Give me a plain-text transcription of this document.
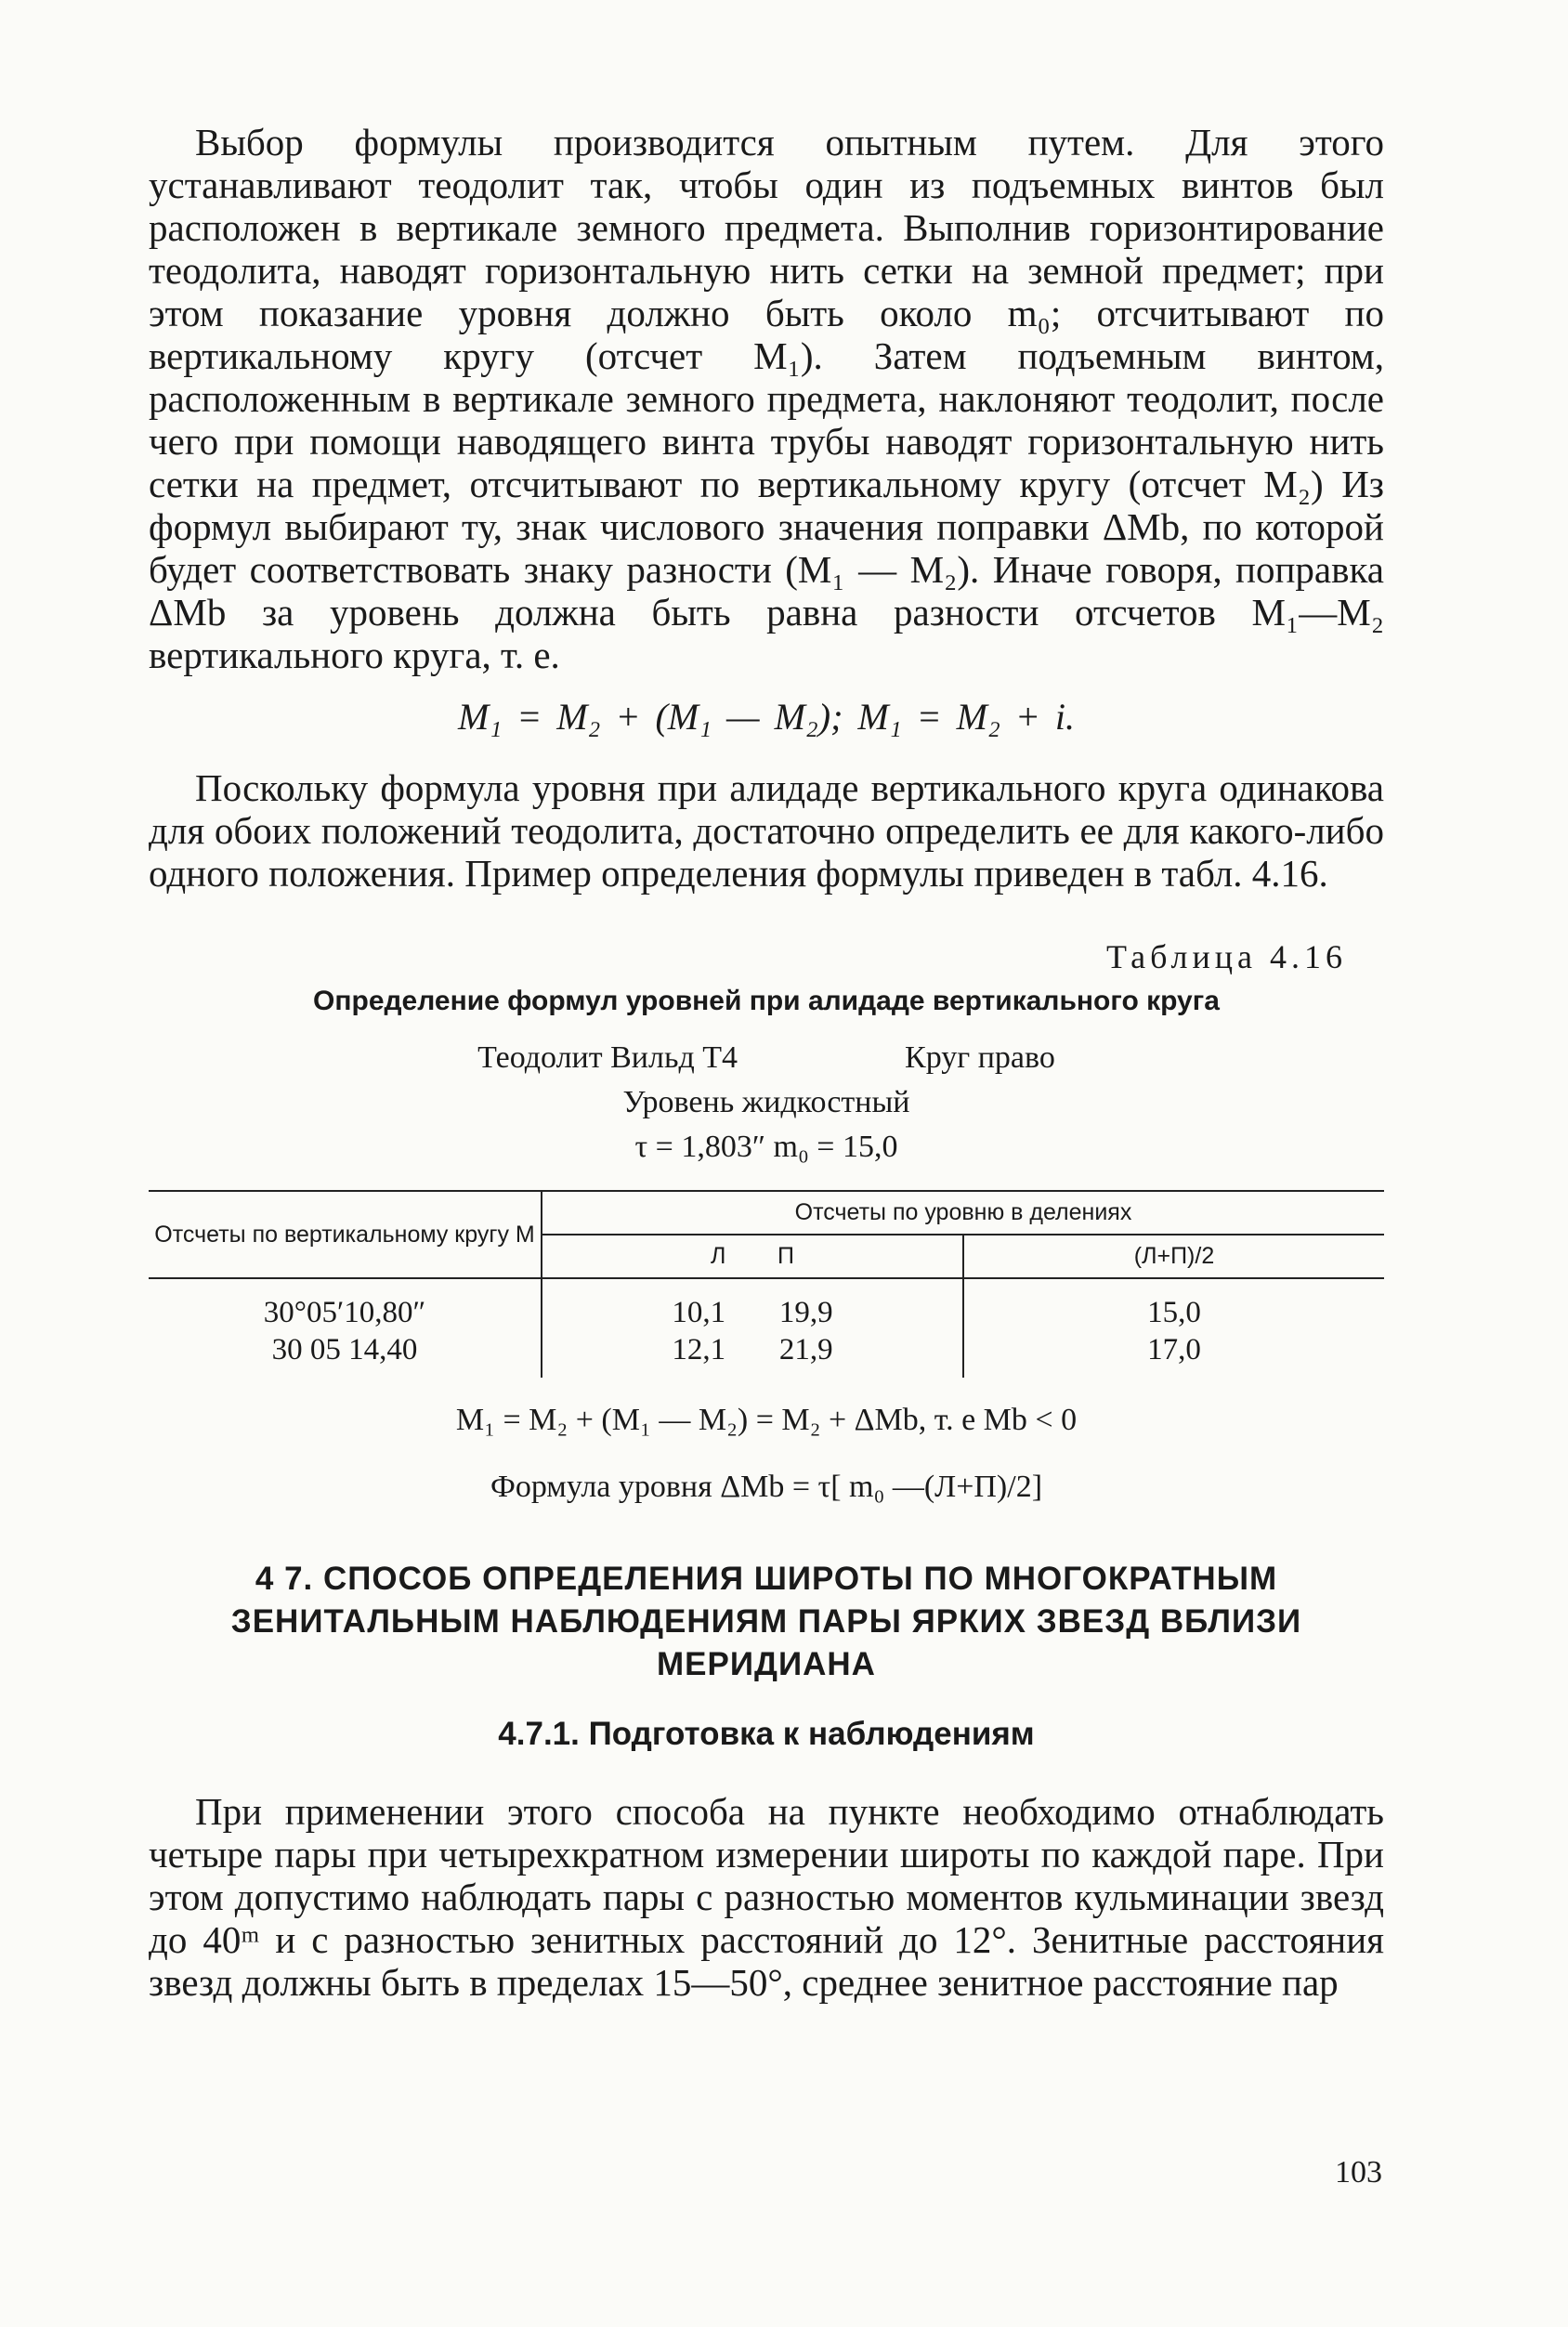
Выбор формулы производится опытным путем. Для этого устанавливают теодолит так, чтобы один из подъемных винтов был расположен в вертикале земного предмета. Выполнив горизонтирование теодолита, наводят горизонтальную нить сетки на земной предмет; при этом показание уровня должно быть около m₀; отсчитывают по вертикальному кругу (отсчет M₁). Затем подъемным винтом, расположенным в вертикале земного предмета, наклоняют теодолит, после чего при помощи наводящего винта трубы наводят горизонтальную нить сетки на предмет, отсчитывают по вертикальному кругу (отсчет M₂) Из формул выбирают ту, знак числового значения поправки ΔMb, по которой будет соответствовать знаку разности (M₁ — M₂). Иначе говоря, поправка ΔMb за уровень должна быть равна разности отсчетов M₁—M₂ вертикального круга, т. е.

M₁ = M₂ + (M₁ — M₂); M₁ = M₂ + i.

Поскольку формула уровня при алидаде вертикального круга одинакова для обоих положений теодолита, достаточно определить ее для какого-либо одного положения. Пример определения формулы приведен в табл. 4.16.

Таблица 4.16
Определение формул уровней при алидаде вертикального круга
Теодолит Вильд Т4	Круг право
Уровень жидкостный
τ = 1,803″ m₀ = 15,0
Отсчеты по вертикальному кругу M	Отсчеты по уровню в делениях	
	Л П	(Л+П)/2
30°05′10,80″	10,1 19,9	15,0
30 05 14,40	12,1 21,9	17,0
M₁ = M₂ + (M₁ — M₂) = M₂ + ΔMb, т. е Mb < 0
Формула уровня ΔMb = τ[ m₀ —(Л+П)/2]
4 7. СПОСОБ ОПРЕДЕЛЕНИЯ ШИРОТЫ ПО МНОГОКРАТНЫМ ЗЕНИТАЛЬНЫМ НАБЛЮДЕНИЯМ ПАРЫ ЯРКИХ ЗВЕЗД ВБЛИЗИ МЕРИДИАНА
4.7.1. Подготовка к наблюдениям

При применении этого способа на пункте необходимо отнаблюдать четыре пары при четырехкратном измерении широты по каждой паре. При этом допустимо наблюдать пары с разностью моментов кульминации звезд до 40ᵐ и с разностью зенитных расстояний до 12°. Зенитные расстояния звезд должны быть в пределах 15—50°, среднее зенитное расстояние пар

103
